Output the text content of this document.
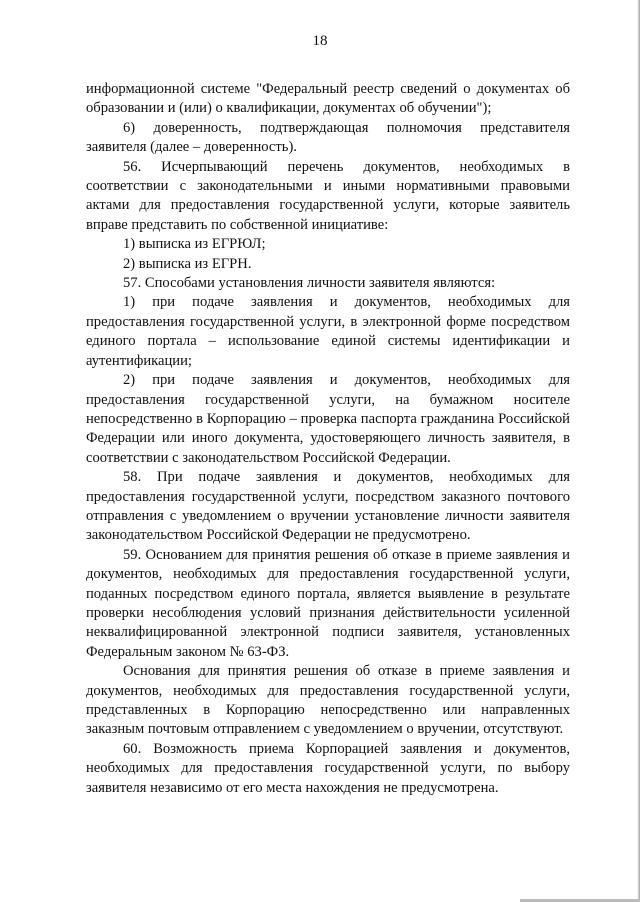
18

информационной системе "Федеральный реестр сведений о документах об образовании и (или) о квалификации, документах об обучении");

6) доверенность, подтверждающая полномочия представителя заявителя (далее – доверенность).

56. Исчерпывающий перечень документов, необходимых в соответствии с законодательными и иными нормативными правовыми актами для предоставления государственной услуги, которые заявитель вправе представить по собственной инициативе:

1) выписка из ЕГРЮЛ;

2) выписка из ЕГРН.

57. Способами установления личности заявителя являются:

1) при подаче заявления и документов, необходимых для предоставления государственной услуги, в электронной форме посредством единого портала – использование единой системы идентификации и аутентификации;

2) при подаче заявления и документов, необходимых для предоставления государственной услуги, на бумажном носителе непосредственно в Корпорацию – проверка паспорта гражданина Российской Федерации или иного документа, удостоверяющего личность заявителя, в соответствии с законодательством Российской Федерации.

58. При подаче заявления и документов, необходимых для предоставления государственной услуги, посредством заказного почтового отправления с уведомлением о вручении установление личности заявителя законодательством Российской Федерации не предусмотрено.

59. Основанием для принятия решения об отказе в приеме заявления и документов, необходимых для предоставления государственной услуги, поданных посредством единого портала, является выявление в результате проверки несоблюдения условий признания действительности усиленной неквалифицированной электронной подписи заявителя, установленных Федеральным законом № 63-ФЗ.

Основания для принятия решения об отказе в приеме заявления и документов, необходимых для предоставления государственной услуги, представленных в Корпорацию непосредственно или направленных заказным почтовым отправлением с уведомлением о вручении, отсутствуют.

60. Возможность приема Корпорацией заявления и документов, необходимых для предоставления государственной услуги, по выбору заявителя независимо от его места нахождения не предусмотрена.
